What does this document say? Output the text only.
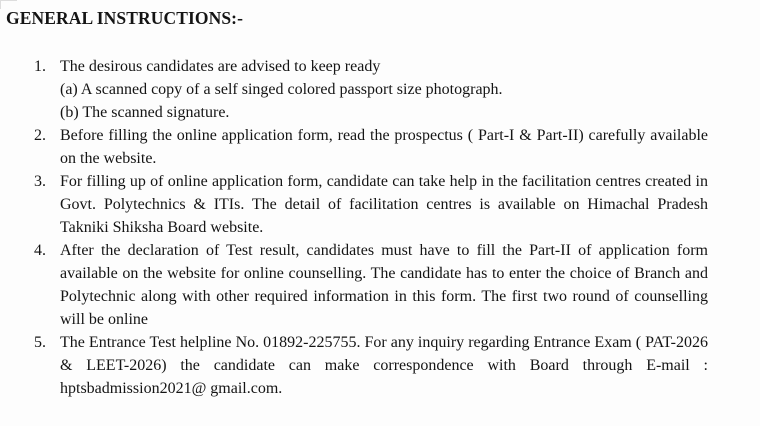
GENERAL INSTRUCTIONS:-
1. The desirous candidates are advised to keep ready
(a) A scanned copy of a self singed colored passport size photograph.
(b) The scanned signature.
2. Before filling the online application form, read the prospectus ( Part-I & Part-II) carefully available on the website.
3. For filling up of online application form, candidate can take help in the facilitation centres created in Govt. Polytechnics & ITIs. The detail of facilitation centres is available on Himachal Pradesh Takniki Shiksha Board website.
4. After the declaration of Test result, candidates must have to fill the Part-II of application form available on the website for online counselling. The candidate has to enter the choice of Branch and Polytechnic along with other required information in this form. The first two round of counselling will be online
5. The Entrance Test helpline No. 01892-225755. For any inquiry regarding Entrance Exam ( PAT-2026 & LEET-2026) the candidate can make correspondence with Board through E-mail : hptsbadmission2021@ gmail.com.
